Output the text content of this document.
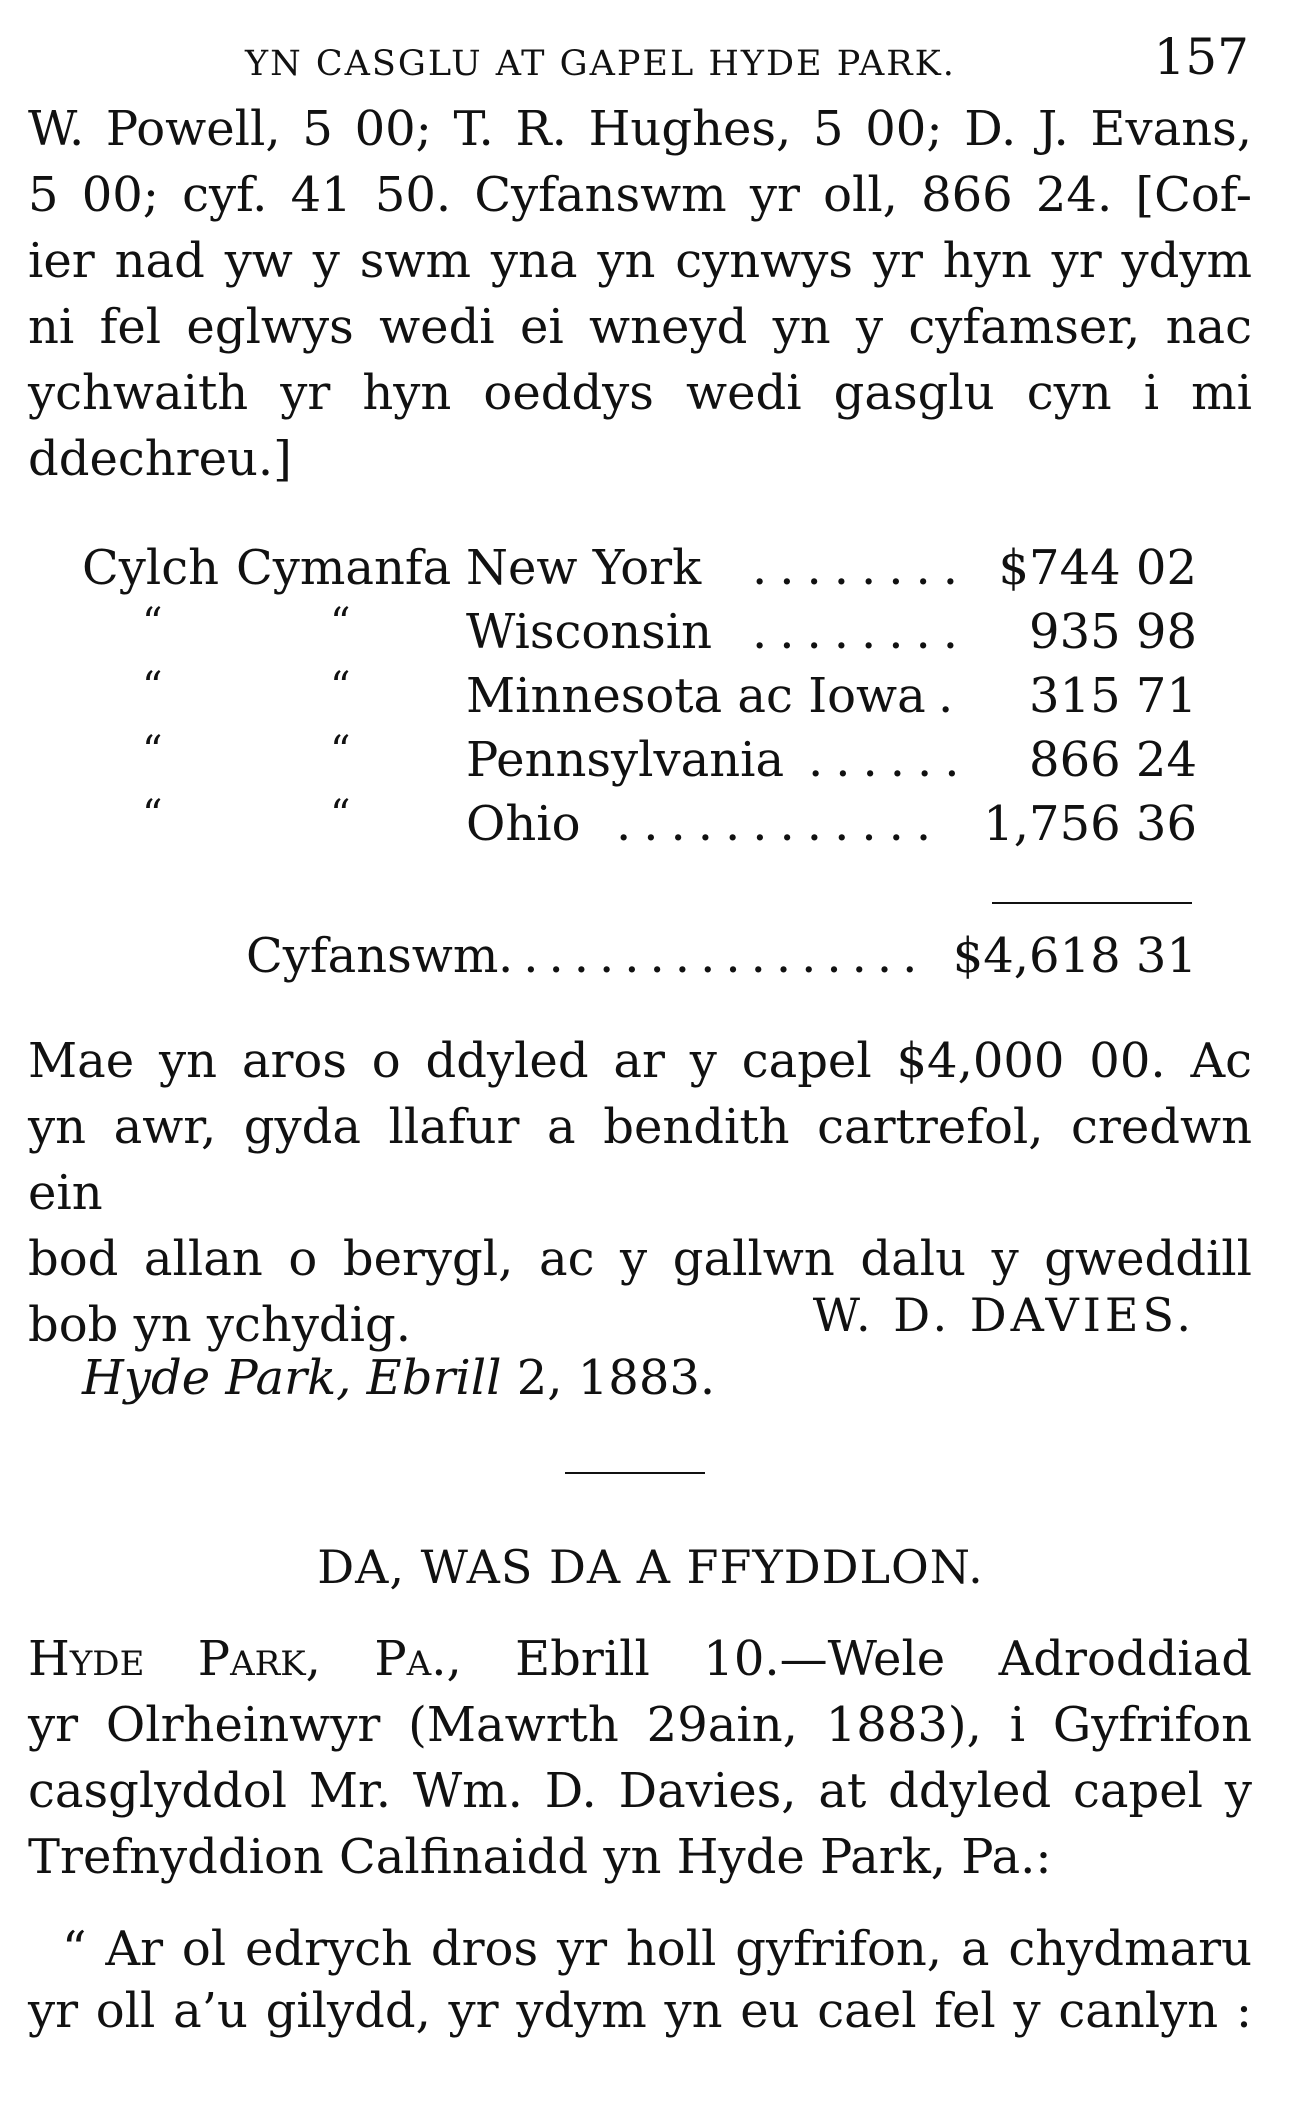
YN CASGLU AT GAPEL HYDE PARK.	157
W. Powell, 5 00; T. R. Hughes, 5 00; D. J. Evans,
5 00; cyf. 41 50. Cyfanswm yr oll, 866 24. [Cof-
ier nad yw y swm yna yn cynwys yr hyn yr ydym
ni fel eglwys wedi ei wneyd yn y cyfamser, nac
ychwaith yr hyn oeddys wedi gasglu cyn i mi
ddechreu.]
Cylch Cymanfa New York ........ $744 02
“	“ Wisconsin ........ 935 98
“	“ Minnesota ac Iowa . 315 71
“	“ Pennsylvania ...... 866 24
“	“ Ohio ............ 1,756 36
Cyfanswm ................. $4,618 31
Mae yn aros o ddyled ar y capel $4,000 00. Ac
yn awr, gyda llafur a bendith cartrefol, credwn ein
bod allan o berygl, ac y gallwn dalu y gweddill
bob yn ychydig.	W. D. DAVIES.
Hyde Park, Ebrill 2, 1883.
DA, WAS DA A FFYDDLON.
Hyde Park, Pa., Ebrill 10.—Wele Adroddiad
yr Olrheinwyr (Mawrth 29ain, 1883), i Gyfrifon
casglyddol Mr. Wm. D. Davies, at ddyled capel y
Trefnyddion Calfinaidd yn Hyde Park, Pa.:
“ Ar ol edrych dros yr holl gyfrifon, a chydmaru
yr oll a’u gilydd, yr ydym yn eu cael fel y canlyn :
